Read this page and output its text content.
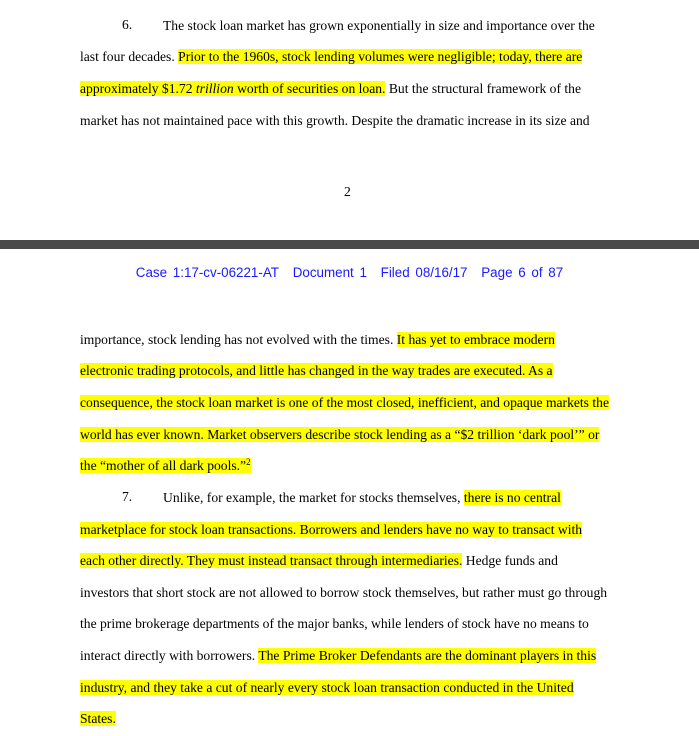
6. The stock loan market has grown exponentially in size and importance over the
last four decades. Prior to the 1960s, stock lending volumes were negligible; today, there are
approximately $1.72 trillion worth of securities on loan. But the structural framework of the
market has not maintained pace with this growth. Despite the dramatic increase in its size and
2
Case 1:17-cv-06221-AT Document 1 Filed 08/16/17 Page 6 of 87
importance, stock lending has not evolved with the times. It has yet to embrace modern
electronic trading protocols, and little has changed in the way trades are executed. As a
consequence, the stock loan market is one of the most closed, inefficient, and opaque markets the
world has ever known. Market observers describe stock lending as a “$2 trillion ‘dark pool’” or
the “mother of all dark pools.”$^2$
7. Unlike, for example, the market for stocks themselves, there is no central
marketplace for stock loan transactions. Borrowers and lenders have no way to transact with
each other directly. They must instead transact through intermediaries. Hedge funds and
investors that short stock are not allowed to borrow stock themselves, but rather must go through
the prime brokerage departments of the major banks, while lenders of stock have no means to
interact directly with borrowers. The Prime Broker Defendants are the dominant players in this
industry, and they take a cut of nearly every stock loan transaction conducted in the United
States.
